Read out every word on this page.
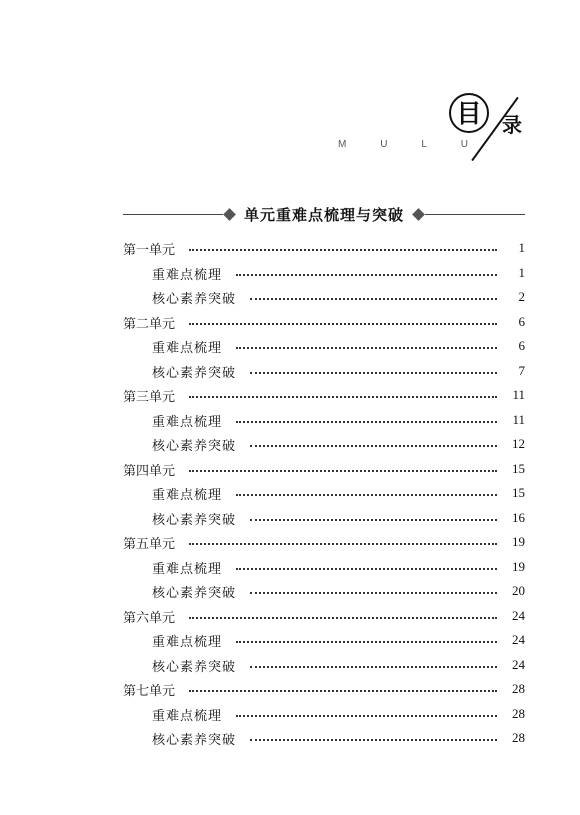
M	U	L	U
目	录
单元重难点梳理与突破
第一单元	1
重难点梳理	1
核心素养突破	2
第二单元	6
重难点梳理	6
核心素养突破	7
第三单元	11
重难点梳理	11
核心素养突破	12
第四单元	15
重难点梳理	15
核心素养突破	16
第五单元	19
重难点梳理	19
核心素养突破	20
第六单元	24
重难点梳理	24
核心素养突破	24
第七单元	28
重难点梳理	28
核心素养突破	28
